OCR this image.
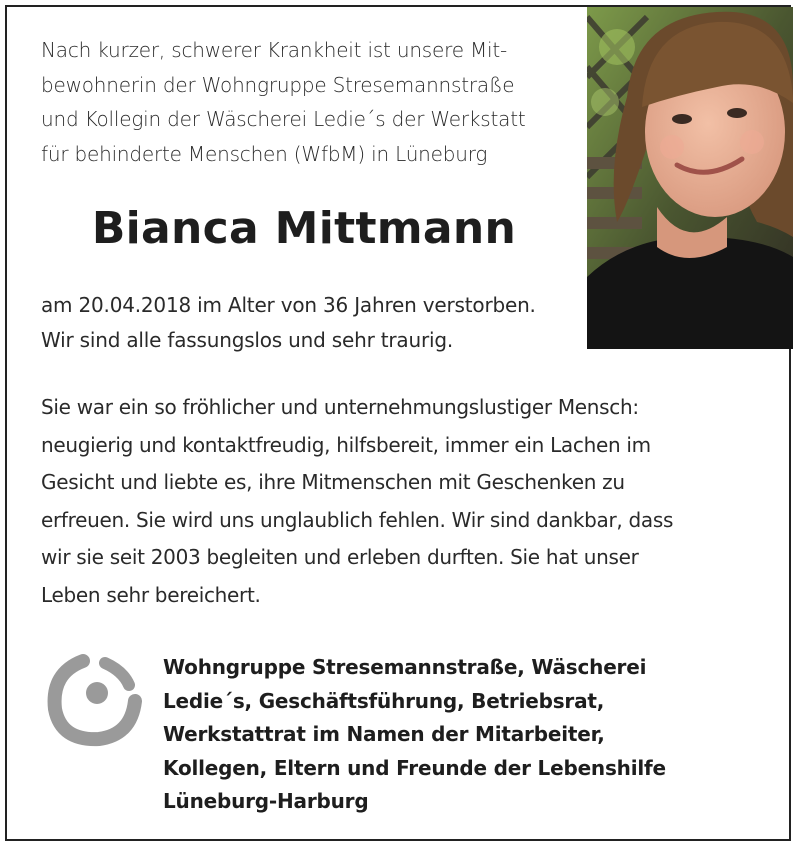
Nach kurzer, schwerer Krankheit ist unsere Mit-
bewohnerin der Wohngruppe Stresemannstraße
und Kollegin der Wäscherei Ledie´s der Werkstatt
für behinderte Menschen (WfbM) in Lüneburg
Bianca Mittmann
am 20.04.2018 im Alter von 36 Jahren verstorben.
Wir sind alle fassungslos und sehr traurig.
Sie war ein so fröhlicher und unternehmungslustiger Mensch:
neugierig und kontaktfreudig, hilfsbereit, immer ein Lachen im
Gesicht und liebte es, ihre Mitmenschen mit Geschenken zu
erfreuen. Sie wird uns unglaublich fehlen. Wir sind dankbar, dass
wir sie seit 2003 begleiten und erleben durften. Sie hat unser
Leben sehr bereichert.
Wohngruppe Stresemannstraße, Wäscherei
Ledie´s, Geschäftsführung, Betriebsrat,
Werkstattrat im Namen der Mitarbeiter,
Kollegen, Eltern und Freunde der Lebenshilfe
Lüneburg-Harburg
